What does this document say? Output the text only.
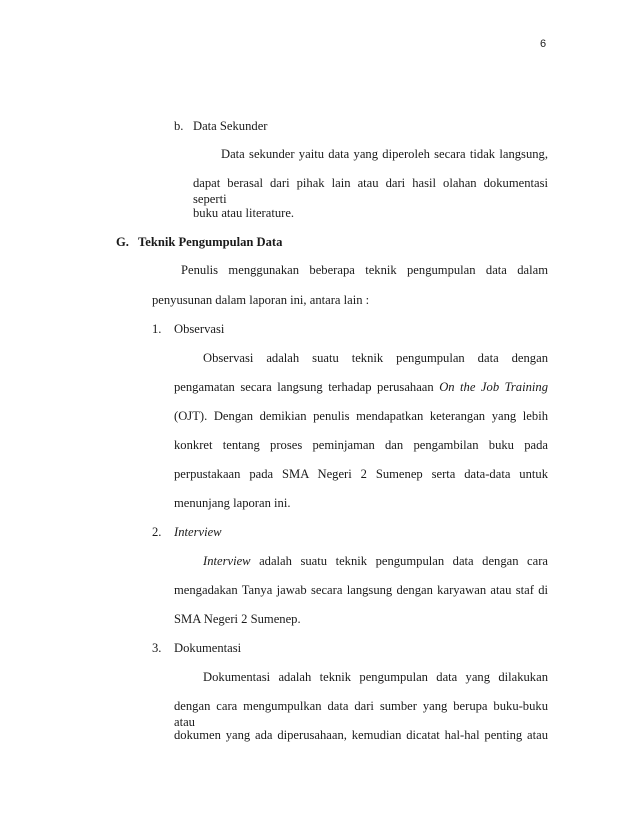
6
b. Data Sekunder
Data sekunder yaitu data yang diperoleh secara tidak langsung,
dapat berasal dari pihak lain atau dari hasil olahan dokumentasi seperti
buku atau literature.
G. Teknik Pengumpulan Data
Penulis menggunakan beberapa teknik pengumpulan data dalam
penyusunan dalam laporan ini, antara lain :
1. Observasi
Observasi adalah suatu teknik pengumpulan data dengan
pengamatan secara langsung terhadap perusahaan On the Job Training
(OJT). Dengan demikian penulis mendapatkan keterangan yang lebih
konkret tentang proses peminjaman dan pengambilan buku pada
perpustakaan pada SMA Negeri 2 Sumenep serta data-data untuk
menunjang laporan ini.
2. Interview
Interview adalah suatu teknik pengumpulan data dengan cara
mengadakan Tanya jawab secara langsung dengan karyawan atau staf di
SMA Negeri 2 Sumenep.
3. Dokumentasi
Dokumentasi adalah teknik pengumpulan data yang dilakukan
dengan cara mengumpulkan data dari sumber yang berupa buku-buku atau
dokumen yang ada diperusahaan, kemudian dicatat hal-hal penting atau
